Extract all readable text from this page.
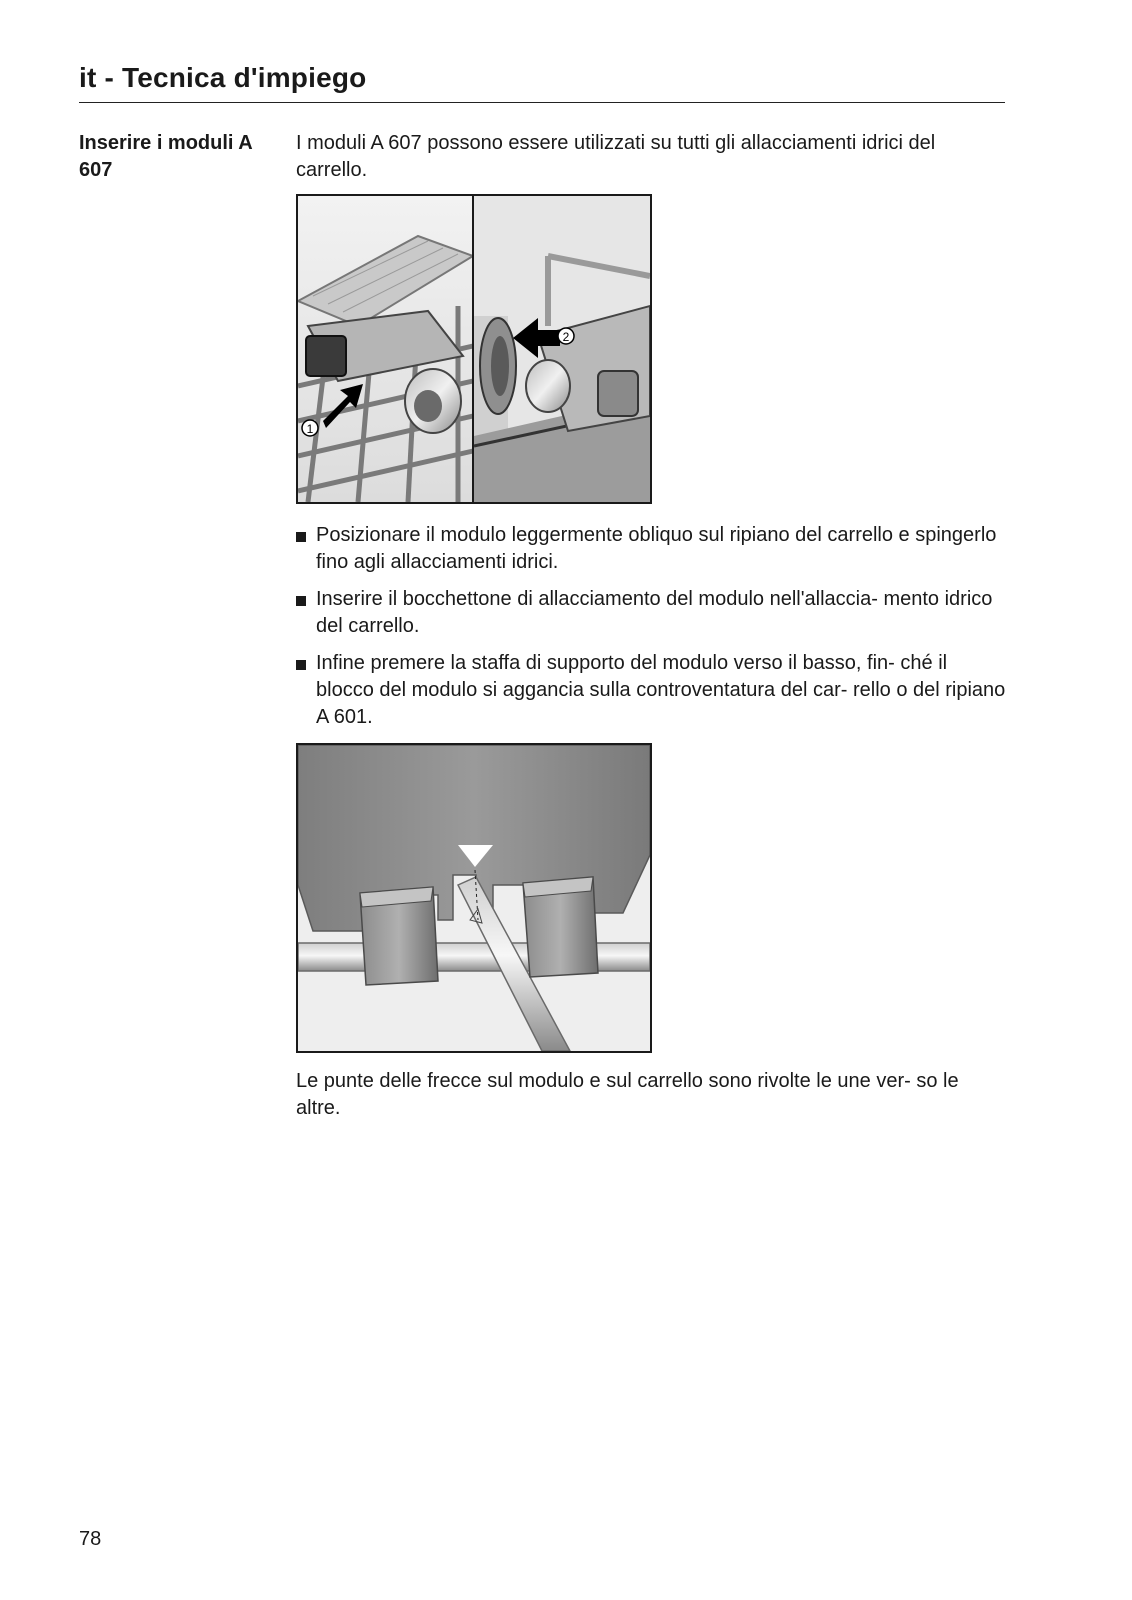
it - Tecnica d'impiego
Inserire i moduli A 607
I moduli A 607 possono essere utilizzati su tutti gli allacciamenti idrici del carrello.
1
2
Posizionare il modulo leggermente obliquo sul ripiano del carrello e spingerlo fino agli allacciamenti idrici.
Inserire il bocchettone di allacciamento del modulo nell'allaccia- mento idrico del carrello.
Infine premere la staffa di supporto del modulo verso il basso, fin- ché il blocco del modulo si aggancia sulla controventatura del car- rello o del ripiano A 601.
Le punte delle frecce sul modulo e sul carrello sono rivolte le une ver- so le altre.
78
